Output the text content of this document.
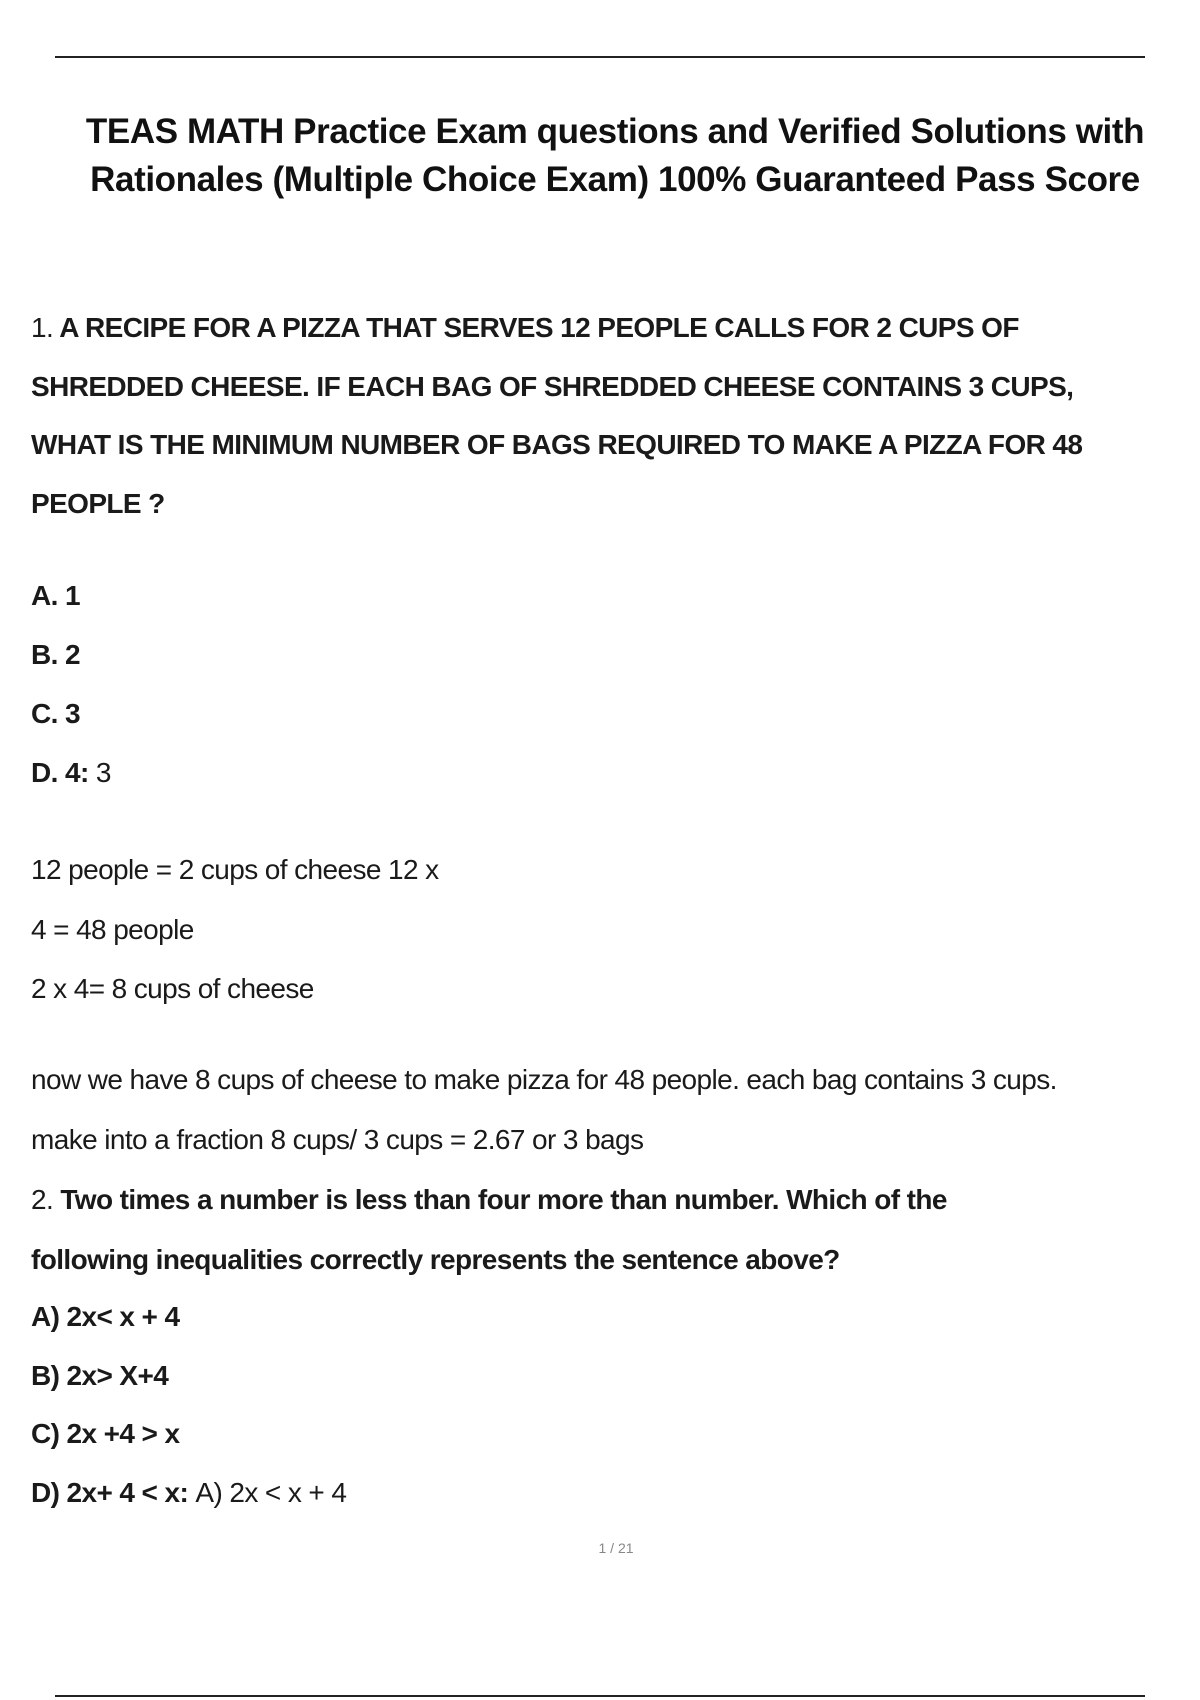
TEAS MATH Practice Exam questions and Verified Solutions with
Rationales (Multiple Choice Exam) 100% Guaranteed Pass Score
1. A RECIPE FOR A PIZZA THAT SERVES 12 PEOPLE CALLS FOR 2 CUPS OF
SHREDDED CHEESE. IF EACH BAG OF SHREDDED CHEESE CONTAINS 3 CUPS,
WHAT IS THE MINIMUM NUMBER OF BAGS REQUIRED TO MAKE A PIZZA FOR 48
PEOPLE ?
A. 1
B. 2
C. 3
D. 4: 3
12 people = 2 cups of cheese 12 x
4 = 48 people
2 x 4= 8 cups of cheese
now we have 8 cups of cheese to make pizza for 48 people. each bag contains 3 cups.
make into a fraction 8 cups/ 3 cups = 2.67 or 3 bags
2. Two times a number is less than four more than number. Which of the
following inequalities correctly represents the sentence above?
A) 2x< x + 4
B) 2x> X+4
C) 2x +4 > x
D) 2x+ 4 < x: A) 2x < x + 4
1 / 21
